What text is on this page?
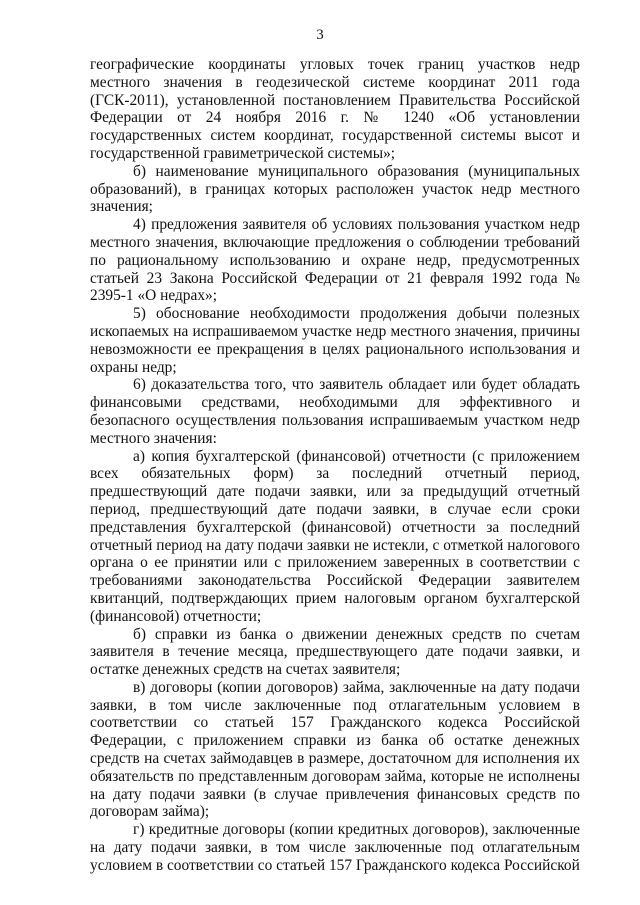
3

географические координаты угловых точек границ участков недр местного значения в геодезической системе координат 2011 года (ГСК-2011), установленной постановлением Правительства Российской Федерации от 24 ноября 2016 г. № 1240 «Об установлении государственных систем координат, государственной системы высот и государственной гравиметрической системы»;

б) наименование муниципального образования (муниципальных образований), в границах которых расположен участок недр местного значения;

4) предложения заявителя об условиях пользования участком недр местного значения, включающие предложения о соблюдении требований по рациональному использованию и охране недр, предусмотренных статьей 23 Закона Российской Федерации от 21 февраля 1992 года № 2395-1 «О недрах»;

5) обоснование необходимости продолжения добычи полезных ископаемых на испрашиваемом участке недр местного значения, причины невозможности ее прекращения в целях рационального использования и охраны недр;

6) доказательства того, что заявитель обладает или будет обладать финансовыми средствами, необходимыми для эффективного и безопасного осуществления пользования испрашиваемым участком недр местного значения:

а) копия бухгалтерской (финансовой) отчетности (с приложением всех обязательных форм) за последний отчетный период, предшествующий дате подачи заявки, или за предыдущий отчетный период, предшествующий дате подачи заявки, в случае если сроки представления бухгалтерской (финансовой) отчетности за последний отчетный период на дату подачи заявки не истекли, с отметкой налогового органа о ее принятии или с приложением заверенных в соответствии с требованиями законодательства Российской Федерации заявителем квитанций, подтверждающих прием налоговым органом бухгалтерской (финансовой) отчетности;

б) справки из банка о движении денежных средств по счетам заявителя в течение месяца, предшествующего дате подачи заявки, и остатке денежных средств на счетах заявителя;

в) договоры (копии договоров) займа, заключенные на дату подачи заявки, в том числе заключенные под отлагательным условием в соответствии со статьей 157 Гражданского кодекса Российской Федерации, с приложением справки из банка об остатке денежных средств на счетах займодавцев в размере, достаточном для исполнения их обязательств по представленным договорам займа, которые не исполнены на дату подачи заявки (в случае привлечения финансовых средств по договорам займа);

г) кредитные договоры (копии кредитных договоров), заключенные на дату подачи заявки, в том числе заключенные под отлагательным условием в соответствии со статьей 157 Гражданского кодекса Российской
